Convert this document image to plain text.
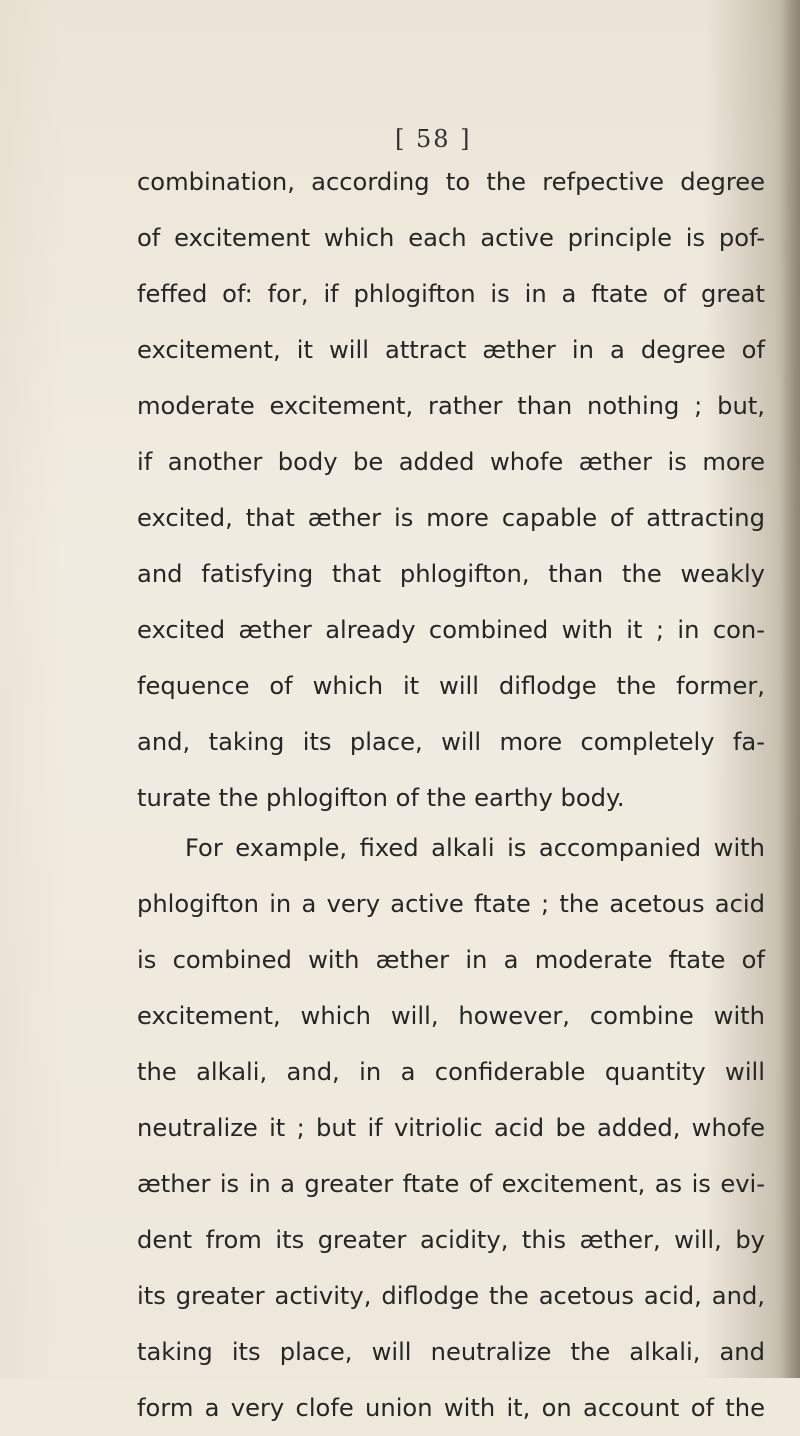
[ 58 ]

combination, according to the refpective degree
of excitement which each active principle is pof-
feffed of: for, if phlogifton is in a ftate of great
excitement, it will attract æther in a degree of
moderate excitement, rather than nothing ; but,
if another body be added whofe æther is more
excited, that æther is more capable of attracting
and fatisfying that phlogifton, than the weakly
excited æther already combined with it ; in con-
fequence of which it will diflodge the former,
and, taking its place, will more completely fa-
turate the phlogifton of the earthy body.

For example, fixed alkali is accompanied with
phlogifton in a very active ftate ; the acetous acid
is combined with æther in a moderate ftate of
excitement, which will, however, combine with
the alkali, and, in a confiderable quantity will
neutralize it ; but if vitriolic acid be added, whofe
æther is in a greater ftate of excitement, as is evi-
dent from its greater acidity, this æther, will, by
its greater activity, diflodge the acetous acid, and,
taking its place, will neutralize the alkali, and
form a very clofe union with it, on account of the
